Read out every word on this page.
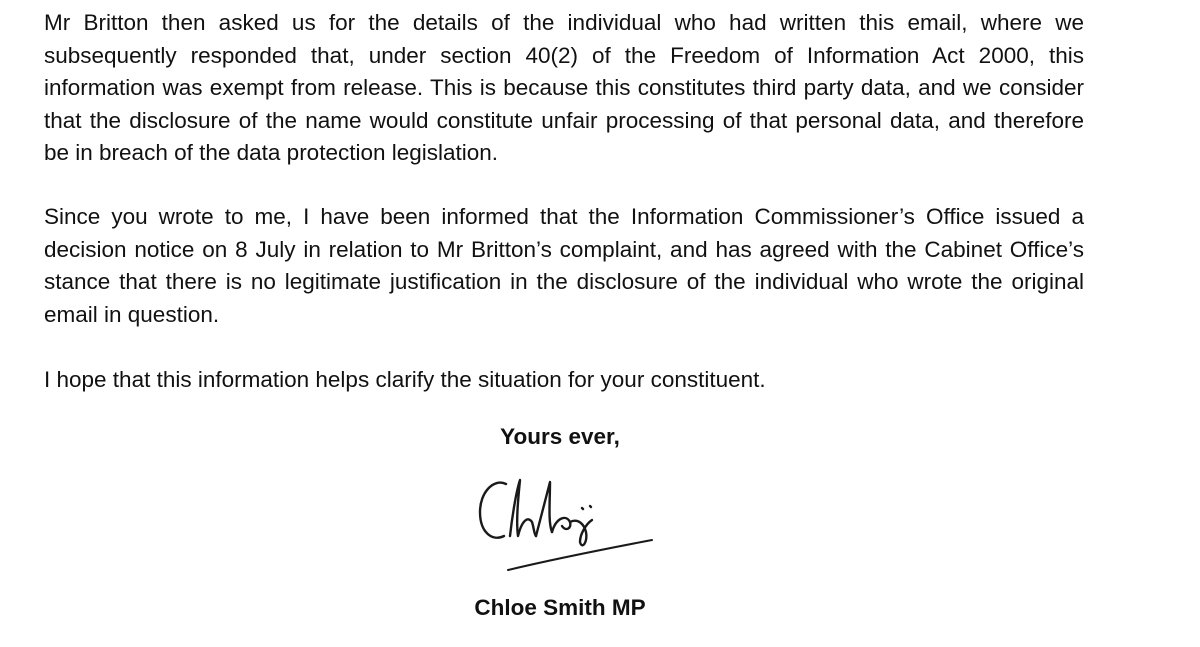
Mr Britton then asked us for the details of the individual who had written this email, where we subsequently responded that, under section 40(2) of the Freedom of Information Act 2000, this information was exempt from release. This is because this constitutes third party data, and we consider that the disclosure of the name would constitute unfair processing of that personal data, and therefore be in breach of the data protection legislation.

Since you wrote to me, I have been informed that the Information Commissioner’s Office issued a decision notice on 8 July in relation to Mr Britton’s complaint, and has agreed with the Cabinet Office’s stance that there is no legitimate justification in the disclosure of the individual who wrote the original email in question.

I hope that this information helps clarify the situation for your constituent.

Yours ever,

Chloe Smith MP
